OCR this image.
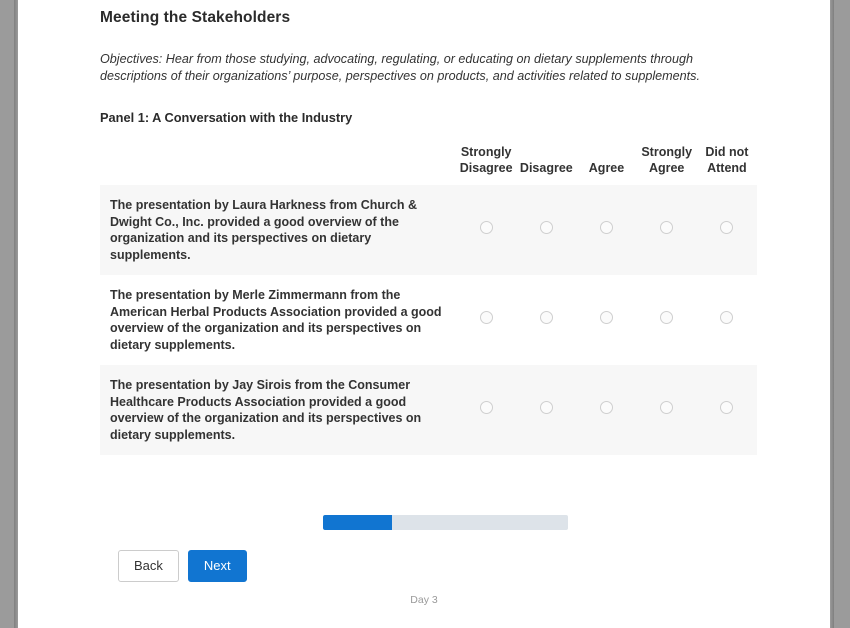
Meeting the Stakeholders

Objectives: Hear from those studying, advocating, regulating, or educating on dietary supplements through descriptions of their organizations’ purpose, perspectives on products, and activities related to supplements.

Panel 1: A Conversation with the Industry
	Strongly Disagree	Disagree	Agree	Strongly Agree	Did not Attend
The presentation by Laura Harkness from Church & Dwight Co., Inc. provided a good overview of the organization and its perspectives on dietary supplements.					
The presentation by Merle Zimmermann from the American Herbal Products Association provided a good overview of the organization and its perspectives on dietary supplements.					
The presentation by Jay Sirois from the Consumer Healthcare Products Association provided a good overview of the organization and its perspectives on dietary supplements.					
Back	Next
Day 3
